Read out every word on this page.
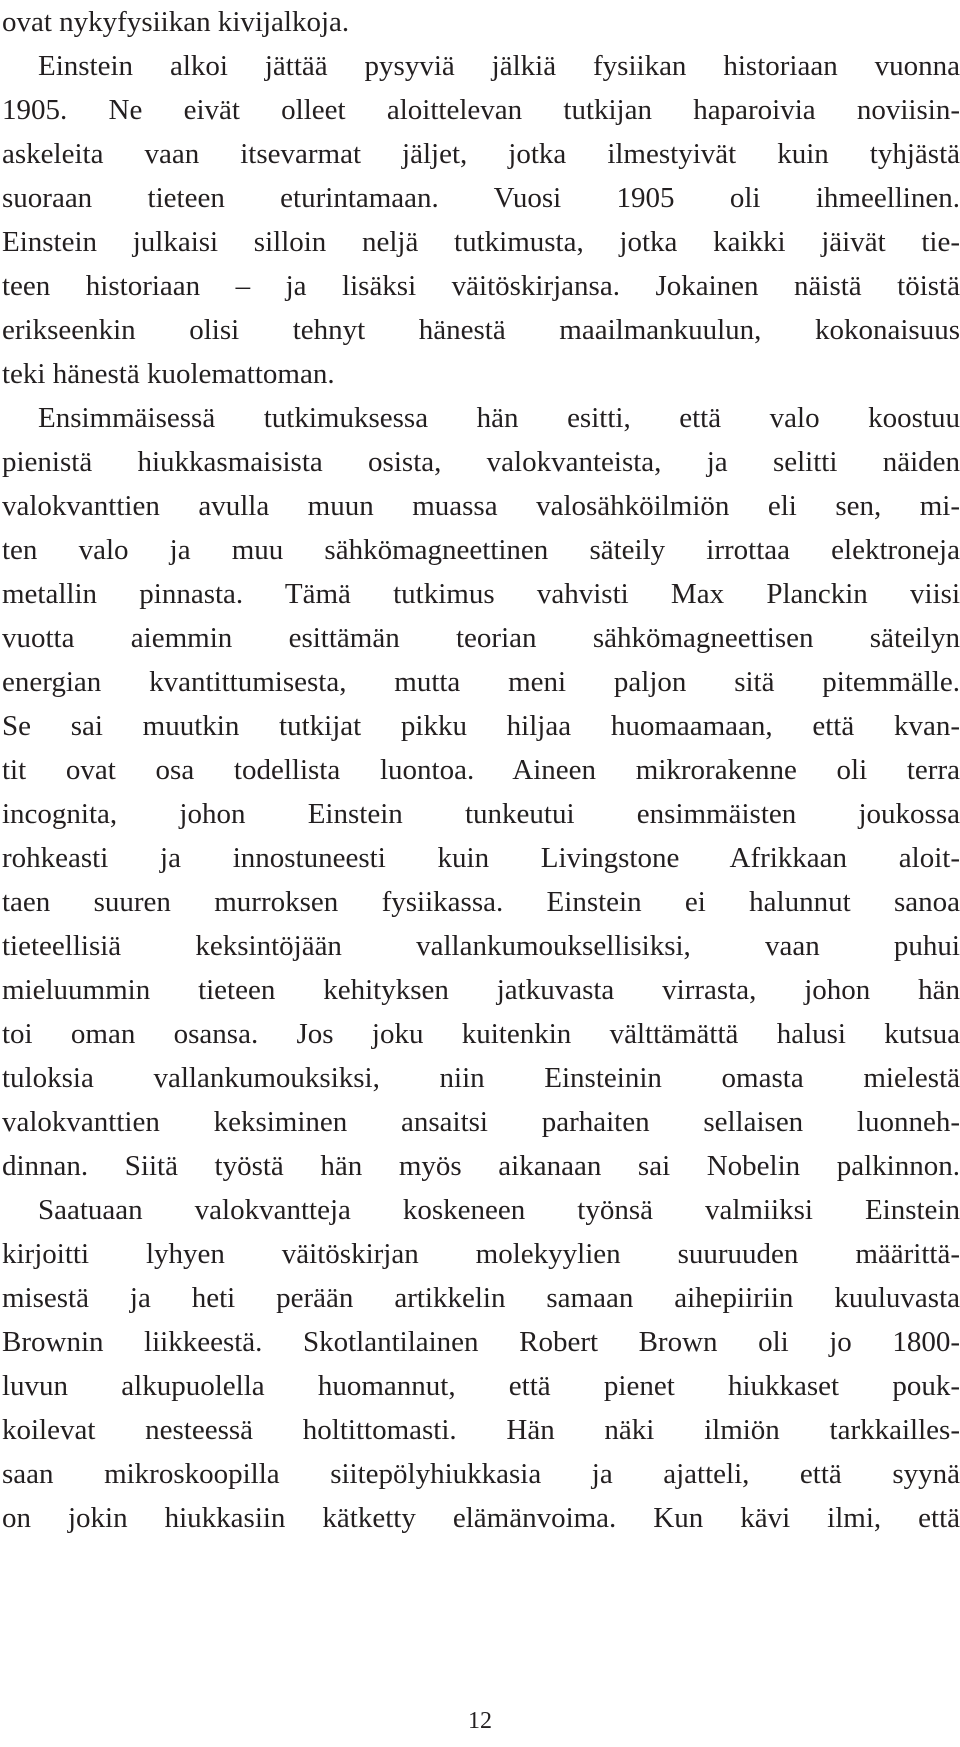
ovat nykyfysiikan kivijalkoja.
Einstein alkoi jättää pysyviä jälkiä fysiikan historiaan vuonna
1905. Ne eivät olleet aloittelevan tutkijan haparoivia noviisin-
askeleita vaan itsevarmat jäljet, jotka ilmestyivät kuin tyhjästä
suoraan tieteen eturintamaan. Vuosi 1905 oli ihmeellinen.
Einstein julkaisi silloin neljä tutkimusta, jotka kaikki jäivät tie-
teen historiaan – ja lisäksi väitöskirjansa. Jokainen näistä töistä
erikseenkin olisi tehnyt hänestä maailmankuulun, kokonaisuus
teki hänestä kuolemattoman.
Ensimmäisessä tutkimuksessa hän esitti, että valo koostuu
pienistä hiukkasmaisista osista, valokvanteista, ja selitti näiden
valokvanttien avulla muun muassa valosähköilmiön eli sen, mi-
ten valo ja muu sähkömagneettinen säteily irrottaa elektroneja
metallin pinnasta. Tämä tutkimus vahvisti Max Planckin viisi
vuotta aiemmin esittämän teorian sähkömagneettisen säteilyn
energian kvantittumisesta, mutta meni paljon sitä pitemmälle.
Se sai muutkin tutkijat pikku hiljaa huomaamaan, että kvan-
tit ovat osa todellista luontoa. Aineen mikrorakenne oli terra
incognita, johon Einstein tunkeutui ensimmäisten joukossa
rohkeasti ja innostuneesti kuin Livingstone Afrikkaan aloit-
taen suuren murroksen fysiikassa. Einstein ei halunnut sanoa
tieteellisiä keksintöjään vallankumouksellisiksi, vaan puhui
mieluummin tieteen kehityksen jatkuvasta virrasta, johon hän
toi oman osansa. Jos joku kuitenkin välttämättä halusi kutsua
tuloksia vallankumouksiksi, niin Einsteinin omasta mielestä
valokvanttien keksiminen ansaitsi parhaiten sellaisen luonneh-
dinnan. Siitä työstä hän myös aikanaan sai Nobelin palkinnon.
Saatuaan valokvantteja koskeneen työnsä valmiiksi Einstein
kirjoitti lyhyen väitöskirjan molekyylien suuruuden määrittä-
misestä ja heti perään artikkelin samaan aihepiiriin kuuluvasta
Brownin liikkeestä. Skotlantilainen Robert Brown oli jo 1800-
luvun alkupuolella huomannut, että pienet hiukkaset pouk-
koilevat nesteessä holtittomasti. Hän näki ilmiön tarkkailles-
saan mikroskoopilla siitepölyhiukkasia ja ajatteli, että syynä
on jokin hiukkasiin kätketty elämänvoima. Kun kävi ilmi, että
12
